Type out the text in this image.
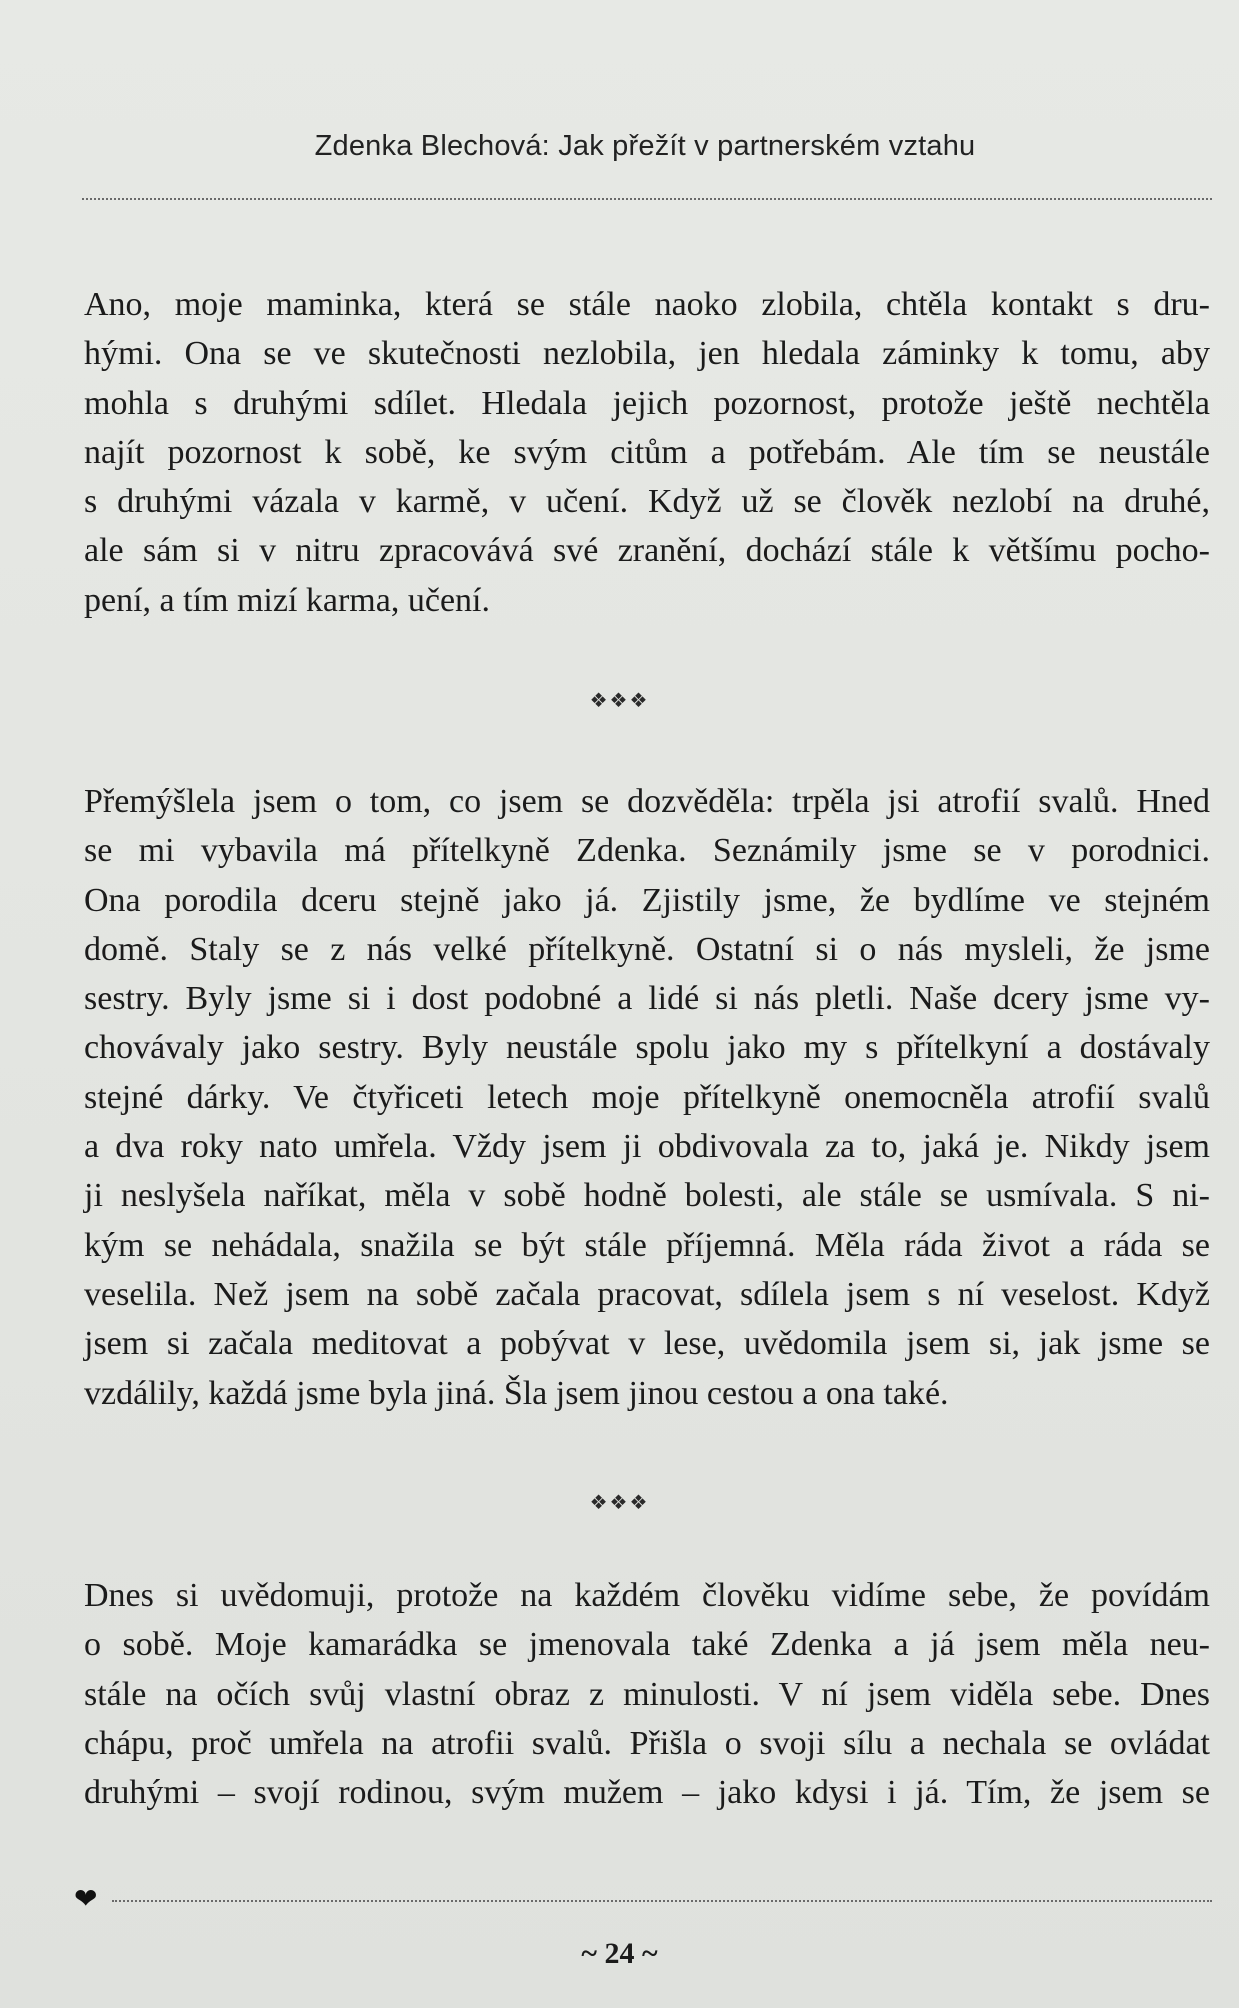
Zdenka Blechová: Jak přežít v partnerském vztahu
Ano, moje maminka, která se stále naoko zlobila, chtěla kontakt s dru-
hými. Ona se ve skutečnosti nezlobila, jen hledala záminky k tomu, aby
mohla s druhými sdílet. Hledala jejich pozornost, protože ještě nechtěla
najít pozornost k sobě, ke svým citům a potřebám. Ale tím se neustále
s druhými vázala v karmě, v učení. Když už se člověk nezlobí na druhé,
ale sám si v nitru zpracovává své zranění, dochází stále k většímu pocho-
pení, a tím mizí karma, učení.
❖❖❖
Přemýšlela jsem o tom, co jsem se dozvěděla: trpěla jsi atrofií svalů. Hned
se mi vybavila má přítelkyně Zdenka. Seznámily jsme se v porodnici.
Ona porodila dceru stejně jako já. Zjistily jsme, že bydlíme ve stejném
domě. Staly se z nás velké přítelkyně. Ostatní si o nás mysleli, že jsme
sestry. Byly jsme si i dost podobné a lidé si nás pletli. Naše dcery jsme vy-
chovávaly jako sestry. Byly neustále spolu jako my s přítelkyní a dostávaly
stejné dárky. Ve čtyřiceti letech moje přítelkyně onemocněla atrofií svalů
a dva roky nato umřela. Vždy jsem ji obdivovala za to, jaká je. Nikdy jsem
ji neslyšela naříkat, měla v sobě hodně bolesti, ale stále se usmívala. S ni-
kým se nehádala, snažila se být stále příjemná. Měla ráda život a ráda se
veselila. Než jsem na sobě začala pracovat, sdílela jsem s ní veselost. Když
jsem si začala meditovat a pobývat v lese, uvědomila jsem si, jak jsme se
vzdálily, každá jsme byla jiná. Šla jsem jinou cestou a ona také.
❖❖❖
Dnes si uvědomuji, protože na každém člověku vidíme sebe, že povídám
o sobě. Moje kamarádka se jmenovala také Zdenka a já jsem měla neu-
stále na očích svůj vlastní obraz z minulosti. V ní jsem viděla sebe. Dnes
chápu, proč umřela na atrofii svalů. Přišla o svoji sílu a nechala se ovládat
druhými – svojí rodinou, svým mužem – jako kdysi i já. Tím, že jsem se
❤
~ 24 ~
